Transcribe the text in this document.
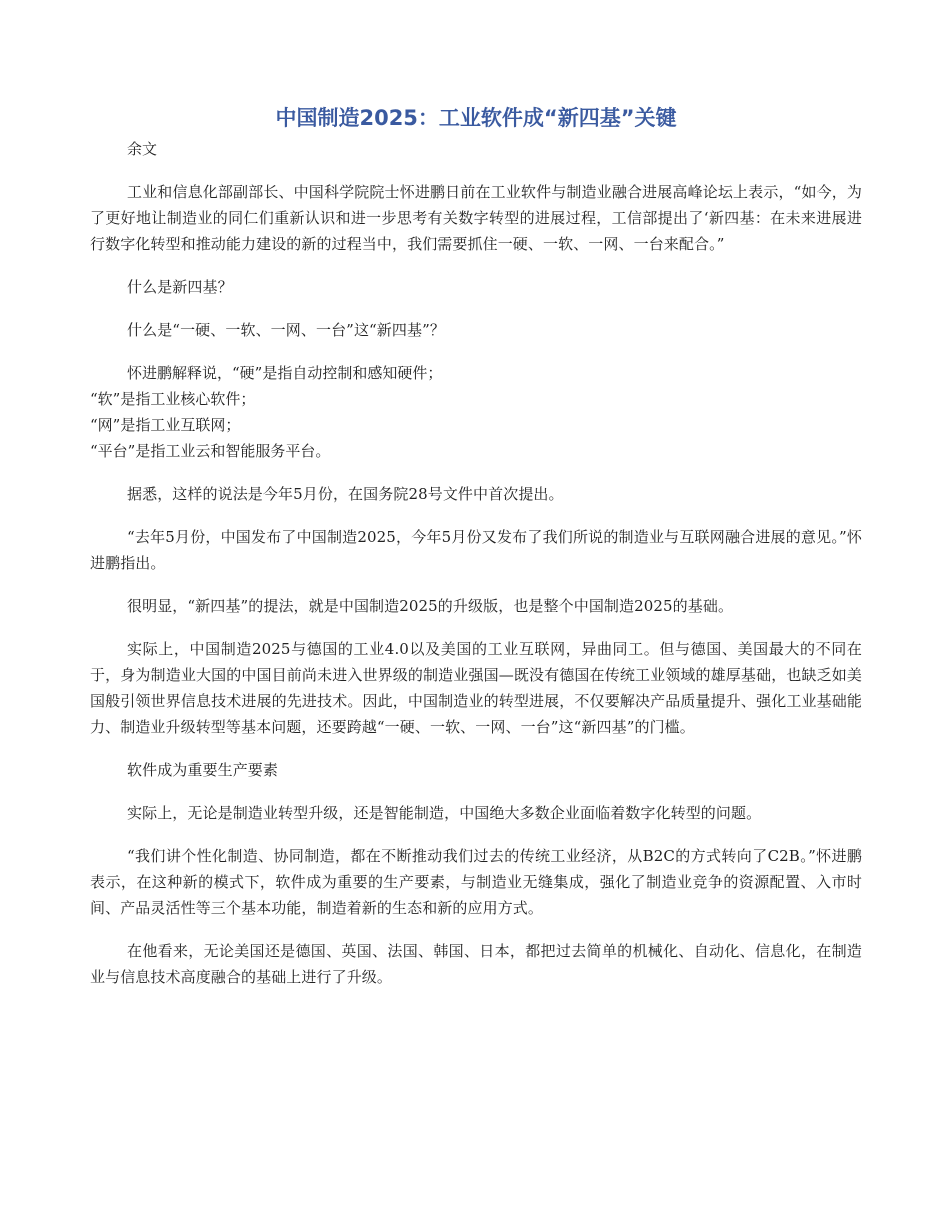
中国制造2025：工业软件成“新四基”关键

余文

工业和信息化部副部长、中国科学院院士怀进鹏日前在工业软件与制造业融合进展高峰论坛上表示，“如今，为了更好地让制造业的同仁们重新认识和进一步思考有关数字转型的进展过程，工信部提出了‘新四基：在未来进展进行数字化转型和推动能力建设的新的过程当中，我们需要抓住一硬、一软、一网、一台来配合。”

什么是新四基？

什么是“一硬、一软、一网、一台”这“新四基”？

怀进鹏解释说，“硬”是指自动控制和感知硬件；

“软”是指工业核心软件；

“网”是指工业互联网；

“平台”是指工业云和智能服务平台。

据悉，这样的说法是今年5月份，在国务院28号文件中首次提出。

“去年5月份，中国发布了中国制造2025，今年5月份又发布了我们所说的制造业与互联网融合进展的意见。”怀进鹏指出。

很明显，“新四基”的提法，就是中国制造2025的升级版，也是整个中国制造2025的基础。

实际上，中国制造2025与德国的工业4.0以及美国的工业互联网，异曲同工。但与德国、美国最大的不同在于，身为制造业大国的中国目前尚未进入世界级的制造业强国—既没有德国在传统工业领域的雄厚基础，也缺乏如美国般引领世界信息技术进展的先进技术。因此，中国制造业的转型进展，不仅要解决产品质量提升、强化工业基础能力、制造业升级转型等基本问题，还要跨越“一硬、一软、一网、一台”这“新四基”的门槛。

软件成为重要生产要素

实际上，无论是制造业转型升级，还是智能制造，中国绝大多数企业面临着数字化转型的问题。

“我们讲个性化制造、协同制造，都在不断推动我们过去的传统工业经济，从B2C的方式转向了C2B。”怀进鹏表示，在这种新的模式下，软件成为重要的生产要素，与制造业无缝集成，强化了制造业竞争的资源配置、入市时间、产品灵活性等三个基本功能，制造着新的生态和新的应用方式。

在他看来，无论美国还是德国、英国、法国、韩国、日本，都把过去简单的机械化、自动化、信息化，在制造业与信息技术高度融合的基础上进行了升级。
